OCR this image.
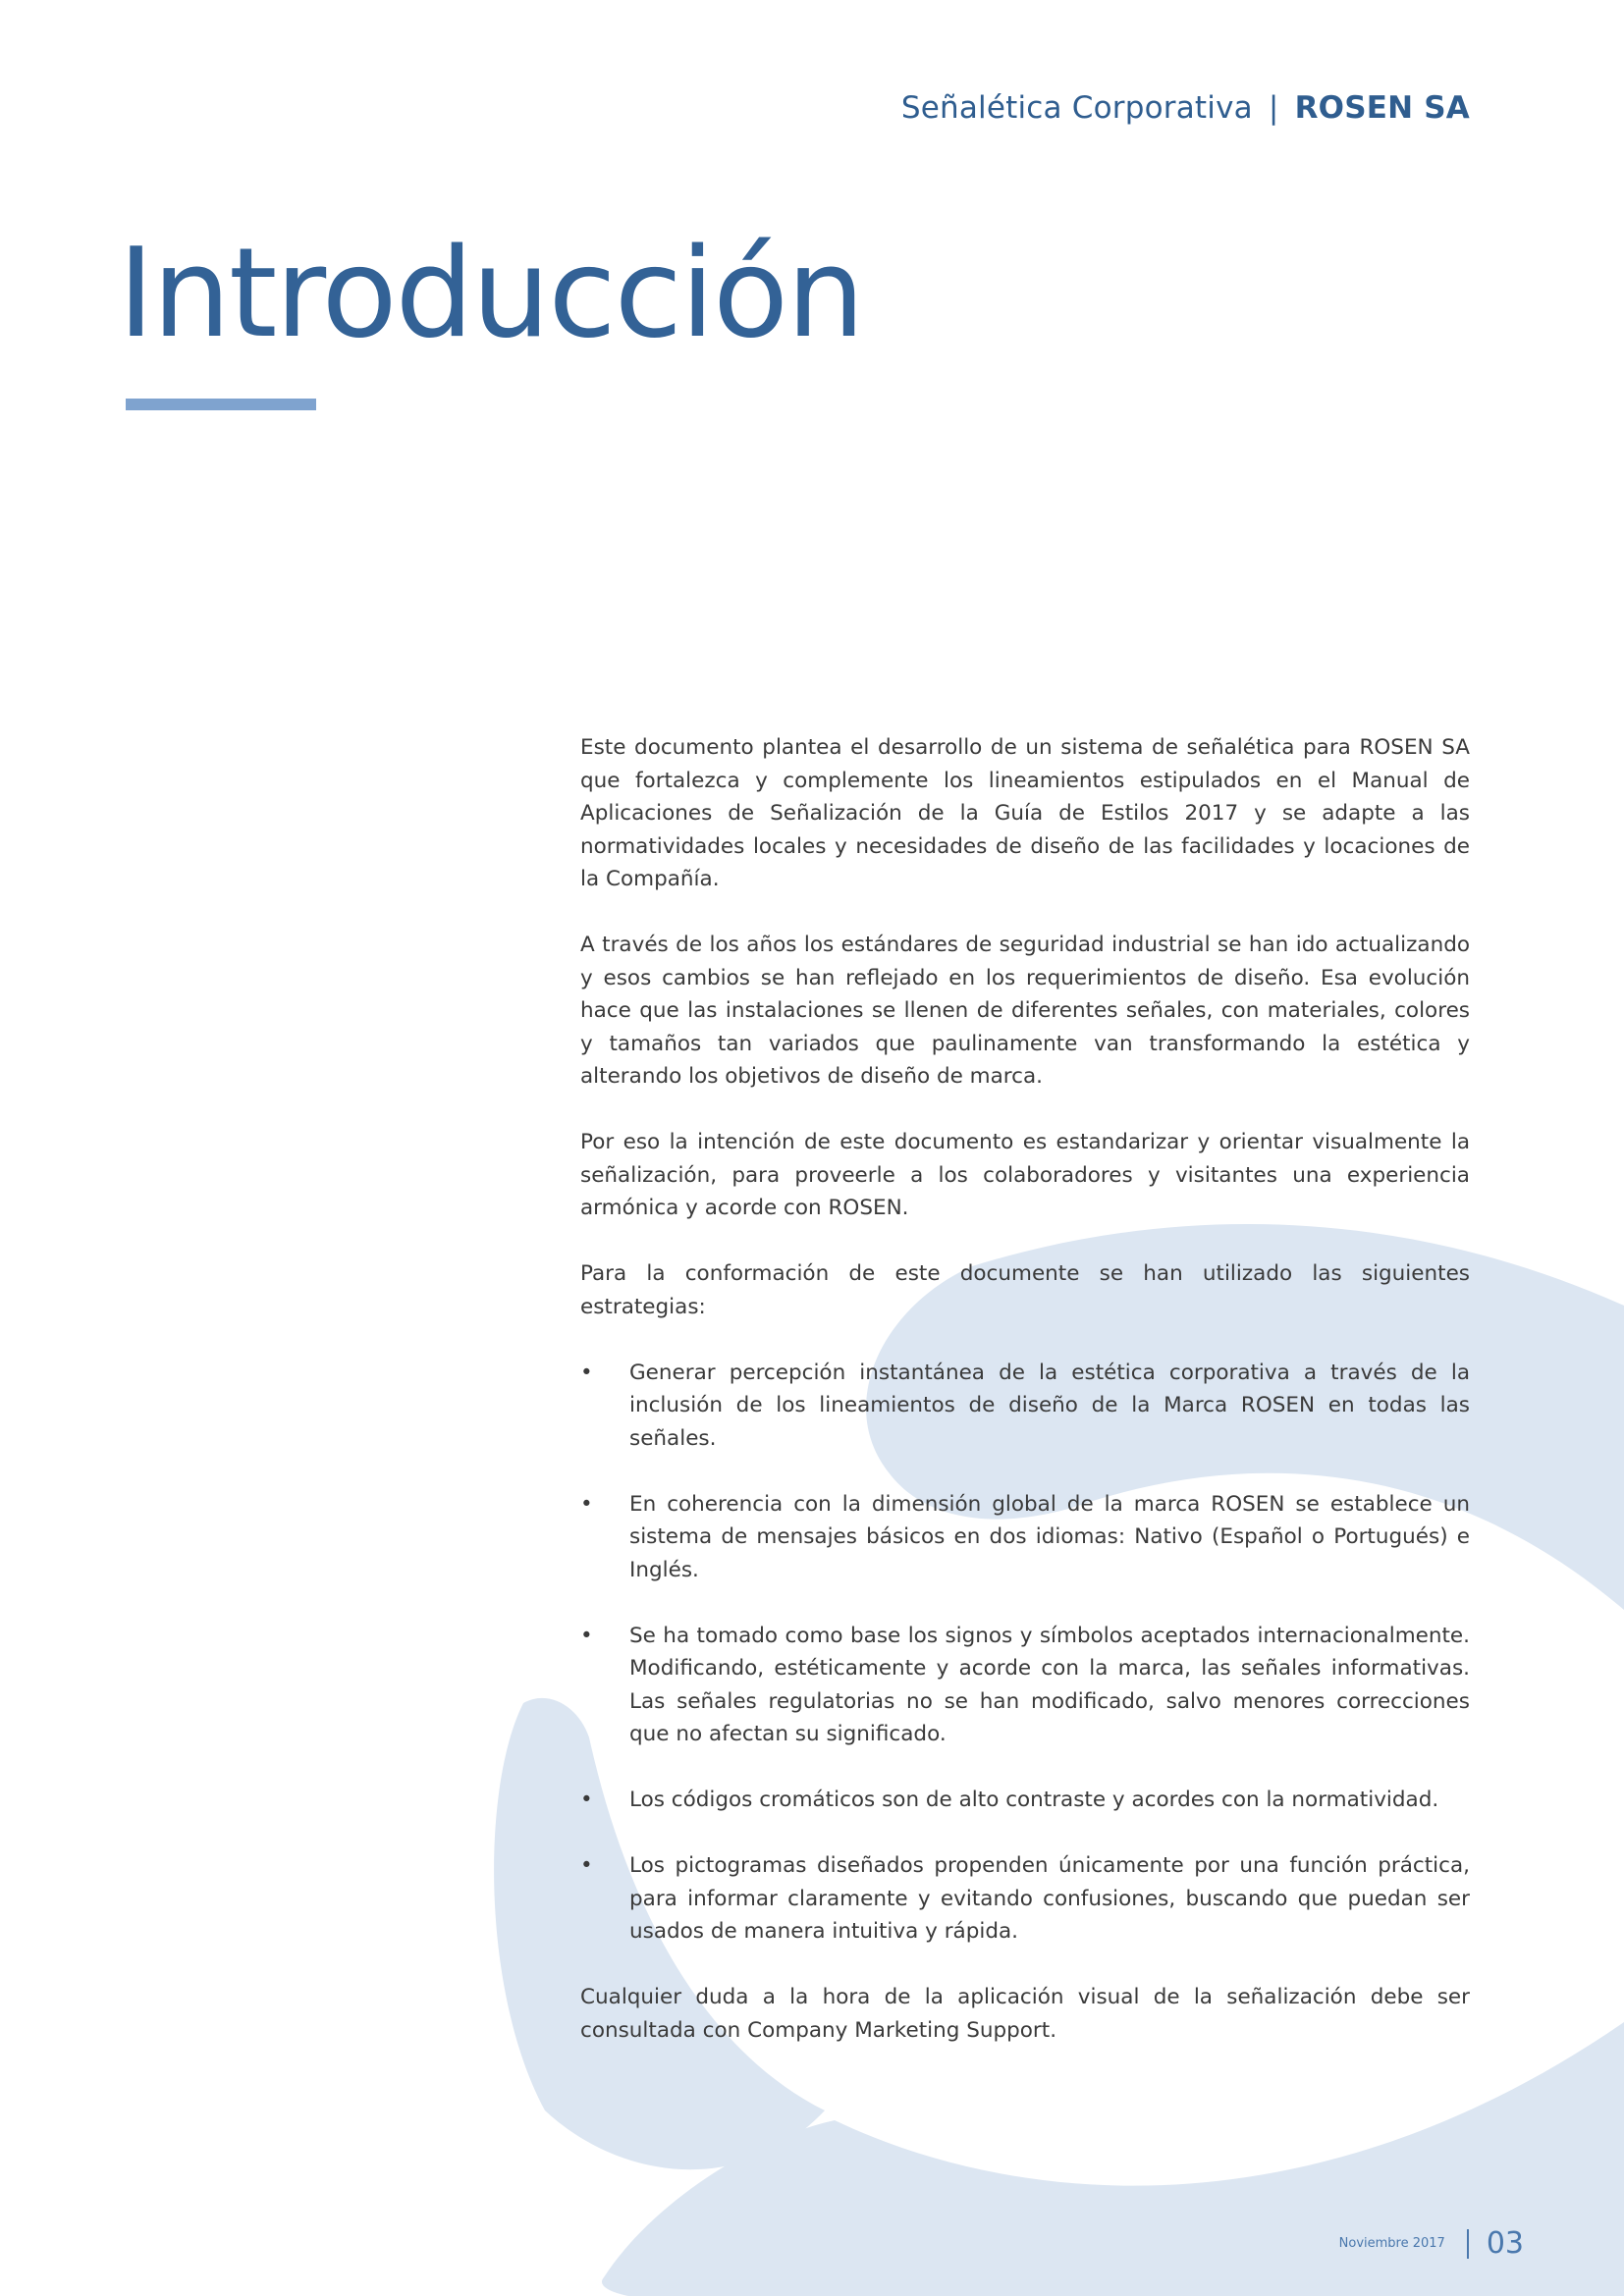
Señalética Corporativa | ROSEN SA
Introducción

Este documento plantea el desarrollo de un sistema de señalética para ROSEN SA que fortalezca y complemente los lineamientos estipulados en el Manual de Aplicaciones de Señalización de la Guía de Estilos 2017 y se adapte a las normatividades locales y necesidades de diseño de las facilidades y locaciones de la Compañía.

A través de los años los estándares de seguridad industrial se han ido actualizando y esos cambios se han reflejado en los requerimientos de diseño. Esa evolución hace que las instalaciones se llenen de diferentes señales, con materiales, colores y tamaños tan variados que paulinamente van transformando la estética y alterando los objetivos de diseño de marca.

Por eso la intención de este documento es estandarizar y orientar visualmente la señalización, para proveerle a los colaboradores y visitantes una experiencia armónica y acorde con ROSEN.

Para la conformación de este documente se han utilizado las siguientes estrategias:

• Generar percepción instantánea de la estética corporativa a través de la inclusión de los lineamientos de diseño de la Marca ROSEN en todas las señales.
• En coherencia con la dimensión global de la marca ROSEN se establece un sistema de mensajes básicos en dos idiomas: Nativo (Español o Portugués) e Inglés.
• Se ha tomado como base los signos y símbolos aceptados internacionalmente. Modificando, estéticamente y acorde con la marca, las señales informativas. Las señales regulatorias no se han modificado, salvo menores correcciones que no afectan su significado.
• Los códigos cromáticos son de alto contraste y acordes con la normatividad.
• Los pictogramas diseñados propenden únicamente por una función práctica, para informar claramente y evitando confusiones, buscando que puedan ser usados de manera intuitiva y rápida.

Cualquier duda a la hora de la aplicación visual de la señalización debe ser consultada con Company Marketing Support.

Noviembre 2017 03
